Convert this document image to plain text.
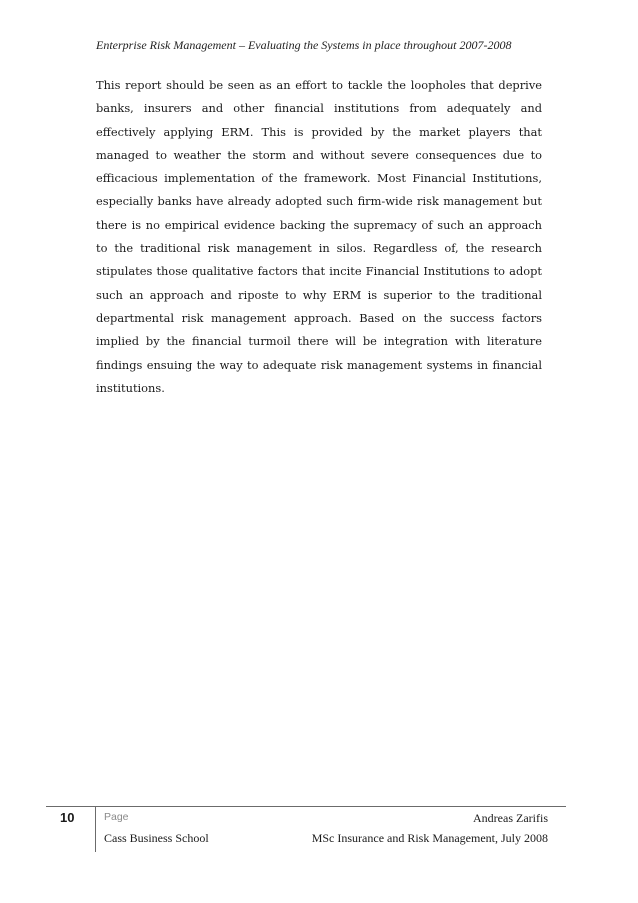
Enterprise Risk Management – Evaluating the Systems in place throughout 2007-2008

This report should be seen as an effort to tackle the loopholes that deprive banks, insurers and other financial institutions from adequately and effectively applying ERM. This is provided by the market players that managed to weather the storm and without severe consequences due to efficacious implementation of the framework. Most Financial Institutions, especially banks have already adopted such firm-wide risk management but there is no empirical evidence backing the supremacy of such an approach to the traditional risk management in silos. Regardless of, the research stipulates those qualitative factors that incite Financial Institutions to adopt such an approach and riposte to why ERM is superior to the traditional departmental risk management approach. Based on the success factors implied by the financial turmoil there will be integration with literature findings ensuing the way to adequate risk management systems in financial institutions.

10	Page	Andreas Zarifis
Cass Business School	MSc Insurance and Risk Management, July 2008
